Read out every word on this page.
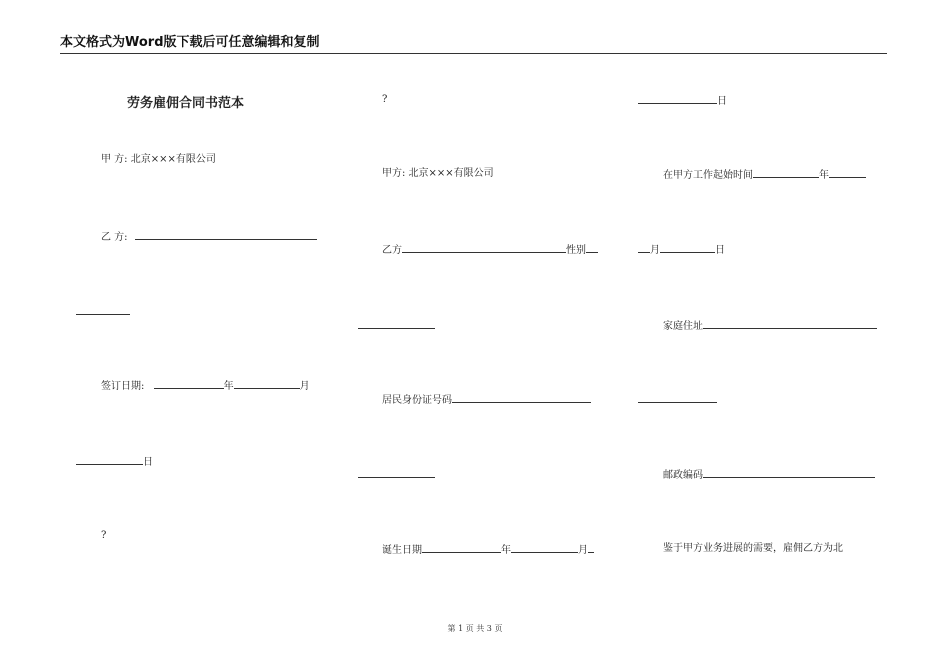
本文格式为Word版下载后可任意编辑和复制
劳务雇佣合同书范本
甲 方: 北京×××有限公司
乙 方:
签订日期:	年	月
日
?
?
甲方: 北京×××有限公司
乙方	性别
居民身份证号码
诞生日期	年	月
日
在甲方工作起始时间	年
月	日
家庭住址
邮政编码
鉴于甲方业务进展的需要，雇佣乙方为北
第 1 页 共 3 页
